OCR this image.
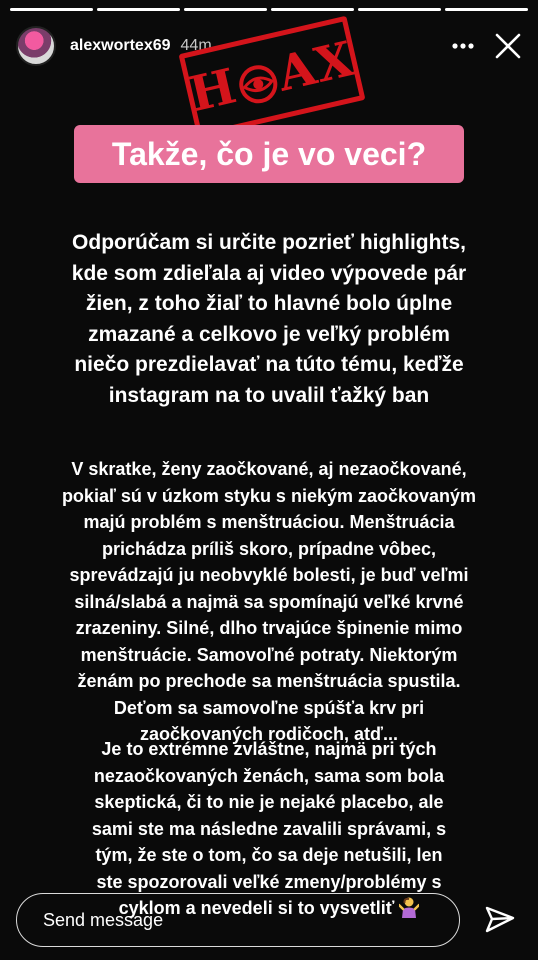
alexwortex69 44m
H AX
Takže, čo je vo veci?

Odporúčam si určite pozrieť highlights,
kde som zdieľala aj video výpovede pár
žien, z toho žiaľ to hlavné bolo úplne
zmazané a celkovo je veľký problém
niečo prezdielavať na túto tému, keďže
instagram na to uvalil ťažký ban

V skratke, ženy zaočkované, aj nezaočkované,
pokiaľ sú v úzkom styku s niekým zaočkovaným
majú problém s menštruáciou. Menštruácia
prichádza príliš skoro, prípadne vôbec,
sprevádzajú ju neobvyklé bolesti, je buď veľmi
silná/slabá a najmä sa spomínajú veľké krvné
zrazeniny. Silné, dlho trvajúce špinenie mimo
menštruácie. Samovoľné potraty. Niektorým
ženám po prechode sa menštruácia spustila.
Deťom sa samovoľne spúšťa krv pri
zaočkovaných rodičoch, atď...

Je to extrémne zvláštne, najmä pri tých
nezaočkovaných ženách, sama som bola
skeptická, či to nie je nejaké placebo, ale
sami ste ma následne zavalili správami, s
tým, že ste o tom, čo sa deje netušili, len
ste spozorovali veľké zmeny/problémy s
cyklom a nevedeli si to vysvetliť

Send message
